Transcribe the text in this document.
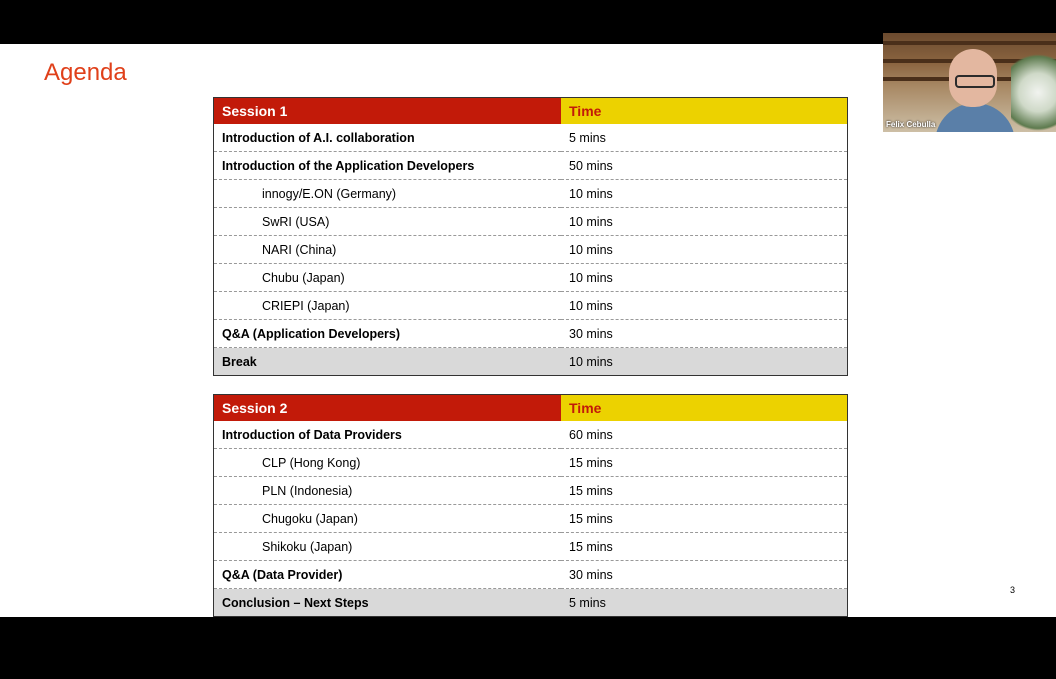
Agenda
Session 1	Time
Introduction of A.I. collaboration	5 mins
Introduction of the Application Developers	50 mins
innogy/E.ON (Germany)	10 mins
SwRI (USA)	10 mins
NARI (China)	10 mins
Chubu (Japan)	10 mins
CRIEPI (Japan)	10 mins
Q&A (Application Developers)	30 mins
Break	10 mins
Session 2	Time
Introduction of Data Providers	60 mins
CLP (Hong Kong)	15 mins
PLN (Indonesia)	15 mins
Chugoku (Japan)	15 mins
Shikoku (Japan)	15 mins
Q&A (Data Provider)	30 mins
Conclusion – Next Steps	5 mins
3
Felix Cebulla
